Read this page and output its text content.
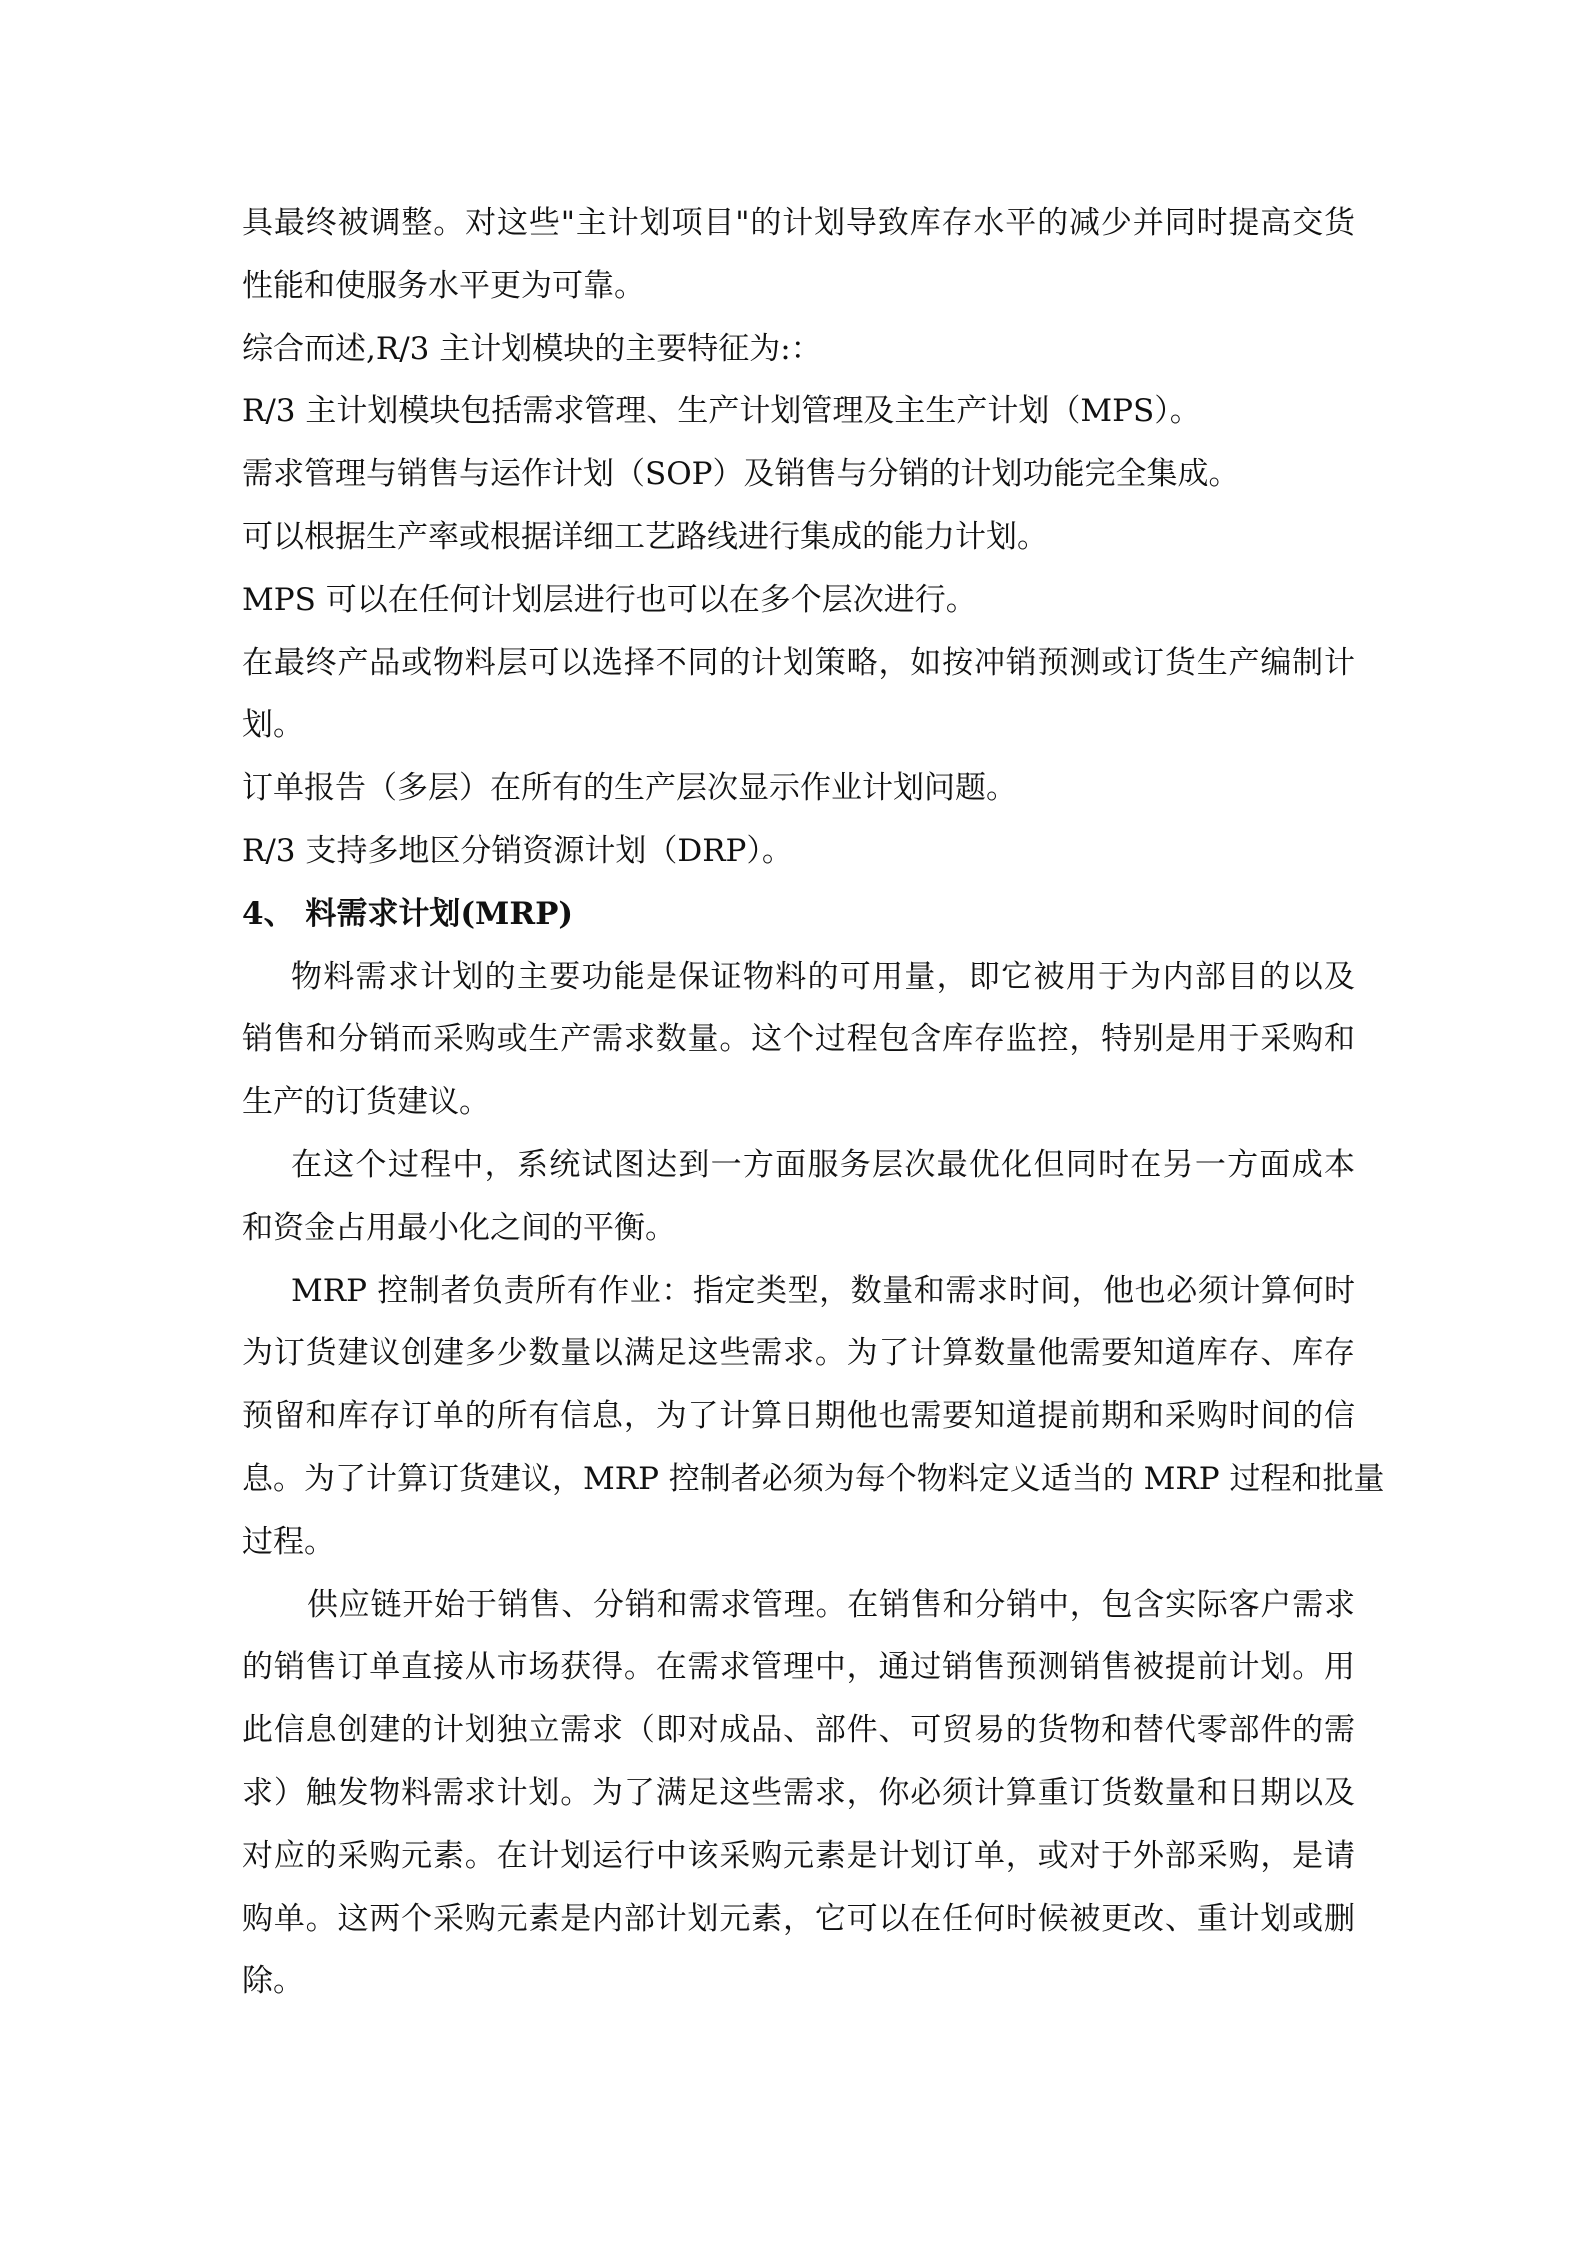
具最终被调整。对这些"主计划项目"的计划导致库存水平的减少并同时提高交货
性能和使服务水平更为可靠。
综合而述,R/3 主计划模块的主要特征为:：
R/3 主计划模块包括需求管理、生产计划管理及主生产计划（MPS）。
需求管理与销售与运作计划（SOP）及销售与分销的计划功能完全集成。
可以根据生产率或根据详细工艺路线进行集成的能力计划。
MPS 可以在任何计划层进行也可以在多个层次进行。
在最终产品或物料层可以选择不同的计划策略，如按冲销预测或订货生产编制计
划。
订单报告（多层）在所有的生产层次显示作业计划问题。
R/3 支持多地区分销资源计划（DRP）。
4、 料需求计划(MRP)
物料需求计划的主要功能是保证物料的可用量，即它被用于为内部目的以及
销售和分销而采购或生产需求数量。这个过程包含库存监控，特别是用于采购和
生产的订货建议。
在这个过程中，系统试图达到一方面服务层次最优化但同时在另一方面成本
和资金占用最小化之间的平衡。
MRP 控制者负责所有作业：指定类型，数量和需求时间，他也必须计算何时
为订货建议创建多少数量以满足这些需求。为了计算数量他需要知道库存、库存
预留和库存订单的所有信息，为了计算日期他也需要知道提前期和采购时间的信
息。为了计算订货建议，MRP 控制者必须为每个物料定义适当的 MRP 过程和批量
过程。
供应链开始于销售、分销和需求管理。在销售和分销中，包含实际客户需求
的销售订单直接从市场获得。在需求管理中，通过销售预测销售被提前计划。用
此信息创建的计划独立需求（即对成品、部件、可贸易的货物和替代零部件的需
求）触发物料需求计划。为了满足这些需求，你必须计算重订货数量和日期以及
对应的采购元素。在计划运行中该采购元素是计划订单，或对于外部采购，是请
购单。这两个采购元素是内部计划元素，它可以在任何时候被更改、重计划或删
除。
